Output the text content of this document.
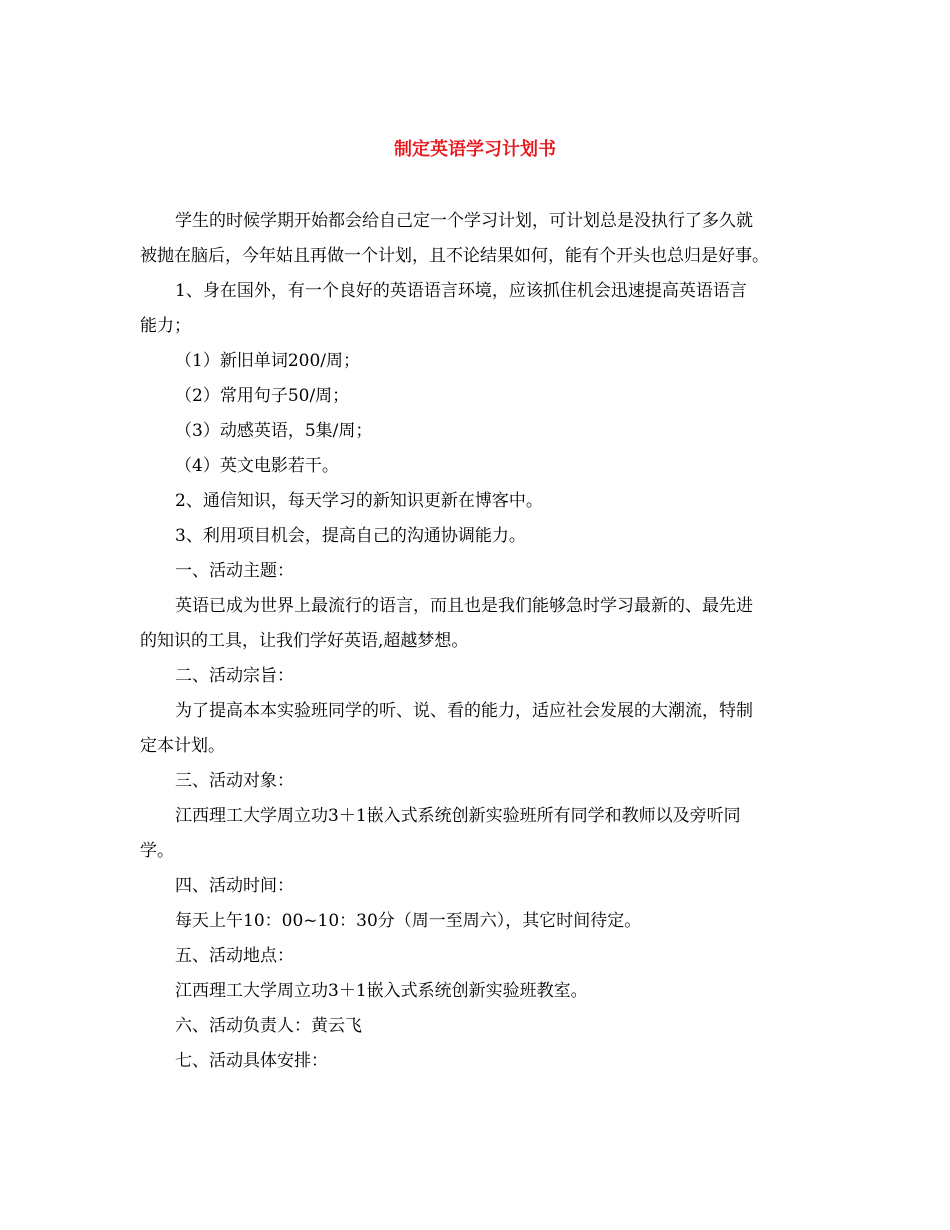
制定英语学习计划书

学生的时候学期开始都会给自己定一个学习计划，可计划总是没执行了多久就

被抛在脑后，今年姑且再做一个计划，且不论结果如何，能有个开头也总归是好事。

1、身在国外，有一个良好的英语语言环境，应该抓住机会迅速提高英语语言

能力；

（1）新旧单词200/周；

（2）常用句子50/周；

（3）动感英语，5集/周；

（4）英文电影若干。

2、通信知识，每天学习的新知识更新在博客中。

3、利用项目机会，提高自己的沟通协调能力。

一、活动主题：

英语已成为世界上最流行的语言，而且也是我们能够急时学习最新的、最先进

的知识的工具，让我们学好英语,超越梦想。

二、活动宗旨：

为了提高本本实验班同学的听、说、看的能力，适应社会发展的大潮流，特制

定本计划。

三、活动对象：

江西理工大学周立功3＋1嵌入式系统创新实验班所有同学和教师以及旁听同

学。

四、活动时间：

每天上午10：00~10：30分（周一至周六），其它时间待定。

五、活动地点：

江西理工大学周立功3＋1嵌入式系统创新实验班教室。

六、活动负责人：黄云飞

七、活动具体安排：
